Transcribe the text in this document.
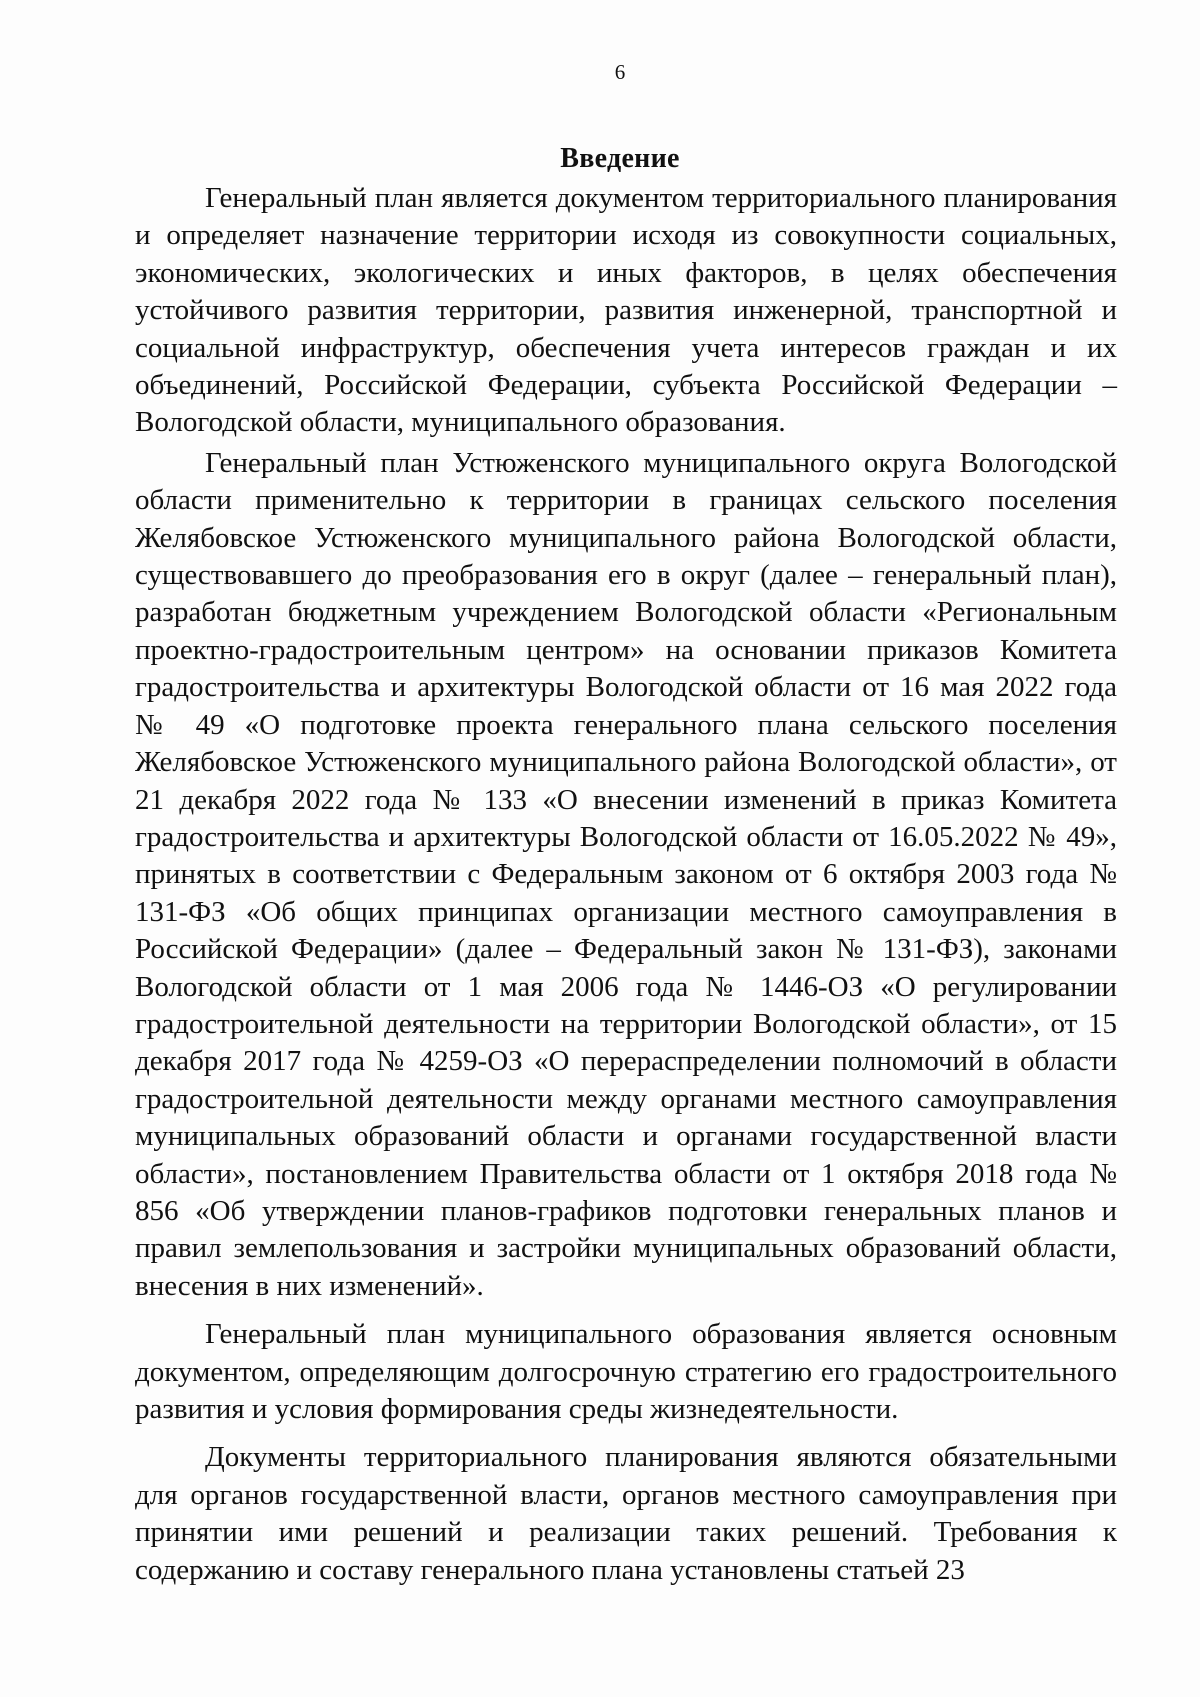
6
Введение

Генеральный план является документом территориального планирования и определяет назначение территории исходя из совокупности социальных, экономических, экологических и иных факторов, в целях обеспечения устойчивого развития территории, развития инженерной, транспортной и социальной инфраструктур, обеспечения учета интересов граждан и их объединений, Российской Федерации, субъекта Российской Федерации – Вологодской области, муниципального образования.

Генеральный план Устюженского муниципального округа Вологодской области применительно к территории в границах сельского поселения Желябовское Устюженского муниципального района Вологодской области, существовавшего до преобразования его в округ (далее – генеральный план), разработан бюджетным учреждением Вологодской области «Региональным проектно-градостроительным центром» на основании приказов Комитета градостроительства и архитектуры Вологодской области от 16 мая 2022 года № 49 «О подготовке проекта генерального плана сельского поселения Желябовское Устюженского муниципального района Вологодской области», от 21 декабря 2022 года № 133 «О внесении изменений в приказ Комитета градостроительства и архитектуры Вологодской области от 16.05.2022 № 49», принятых в соответствии с Федеральным законом от 6 октября 2003 года № 131-ФЗ «Об общих принципах организации местного самоуправления в Российской Федерации» (далее – Федеральный закон № 131-ФЗ), законами Вологодской области от 1 мая 2006 года № 1446-ОЗ «О регулировании градостроительной деятельности на территории Вологодской области», от 15 декабря 2017 года № 4259-ОЗ «О перераспределении полномочий в области градостроительной деятельности между органами местного самоуправления муниципальных образований области и органами государственной власти области», постановлением Правительства области от 1 октября 2018 года № 856 «Об утверждении планов-графиков подготовки генеральных планов и правил землепользования и застройки муниципальных образований области, внесения в них изменений».

Генеральный план муниципального образования является основным документом, определяющим долгосрочную стратегию его градостроительного развития и условия формирования среды жизнедеятельности.

Документы территориального планирования являются обязательными для органов государственной власти, органов местного самоуправления при принятии ими решений и реализации таких решений. Требования к содержанию и составу генерального плана установлены статьей 23
